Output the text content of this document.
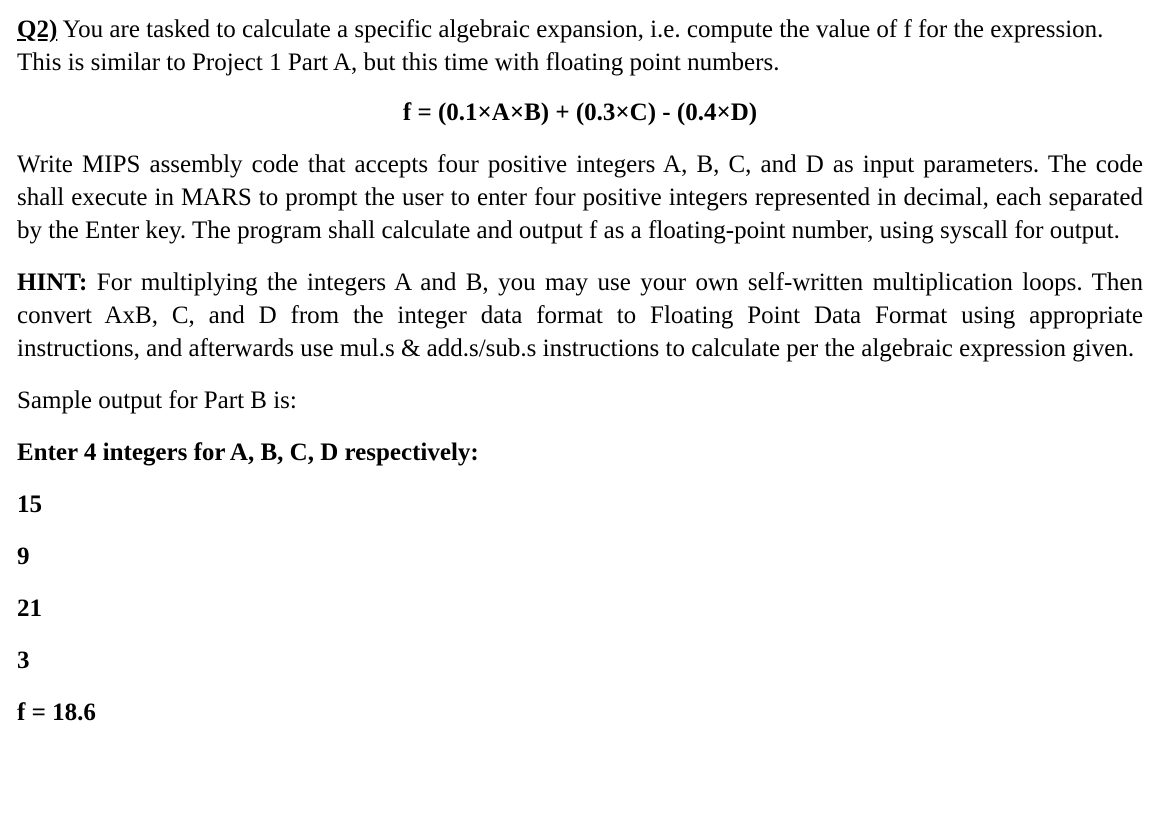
Q2) You are tasked to calculate a specific algebraic expansion, i.e. compute the value of f for the expression. This is similar to Project 1 Part A, but this time with floating point numbers.

f = (0.1×A×B) + (0.3×C) - (0.4×D)

Write MIPS assembly code that accepts four positive integers A, B, C, and D as input parameters. The code shall execute in MARS to prompt the user to enter four positive integers represented in decimal, each separated by the Enter key. The program shall calculate and output f as a floating-point number, using syscall for output.

HINT: For multiplying the integers A and B, you may use your own self-written multiplication loops. Then convert AxB, C, and D from the integer data format to Floating Point Data Format using appropriate instructions, and afterwards use mul.s & add.s/sub.s instructions to calculate per the algebraic expression given.

Sample output for Part B is:

Enter 4 integers for A, B, C, D respectively:

15

9

21

3

f = 18.6
